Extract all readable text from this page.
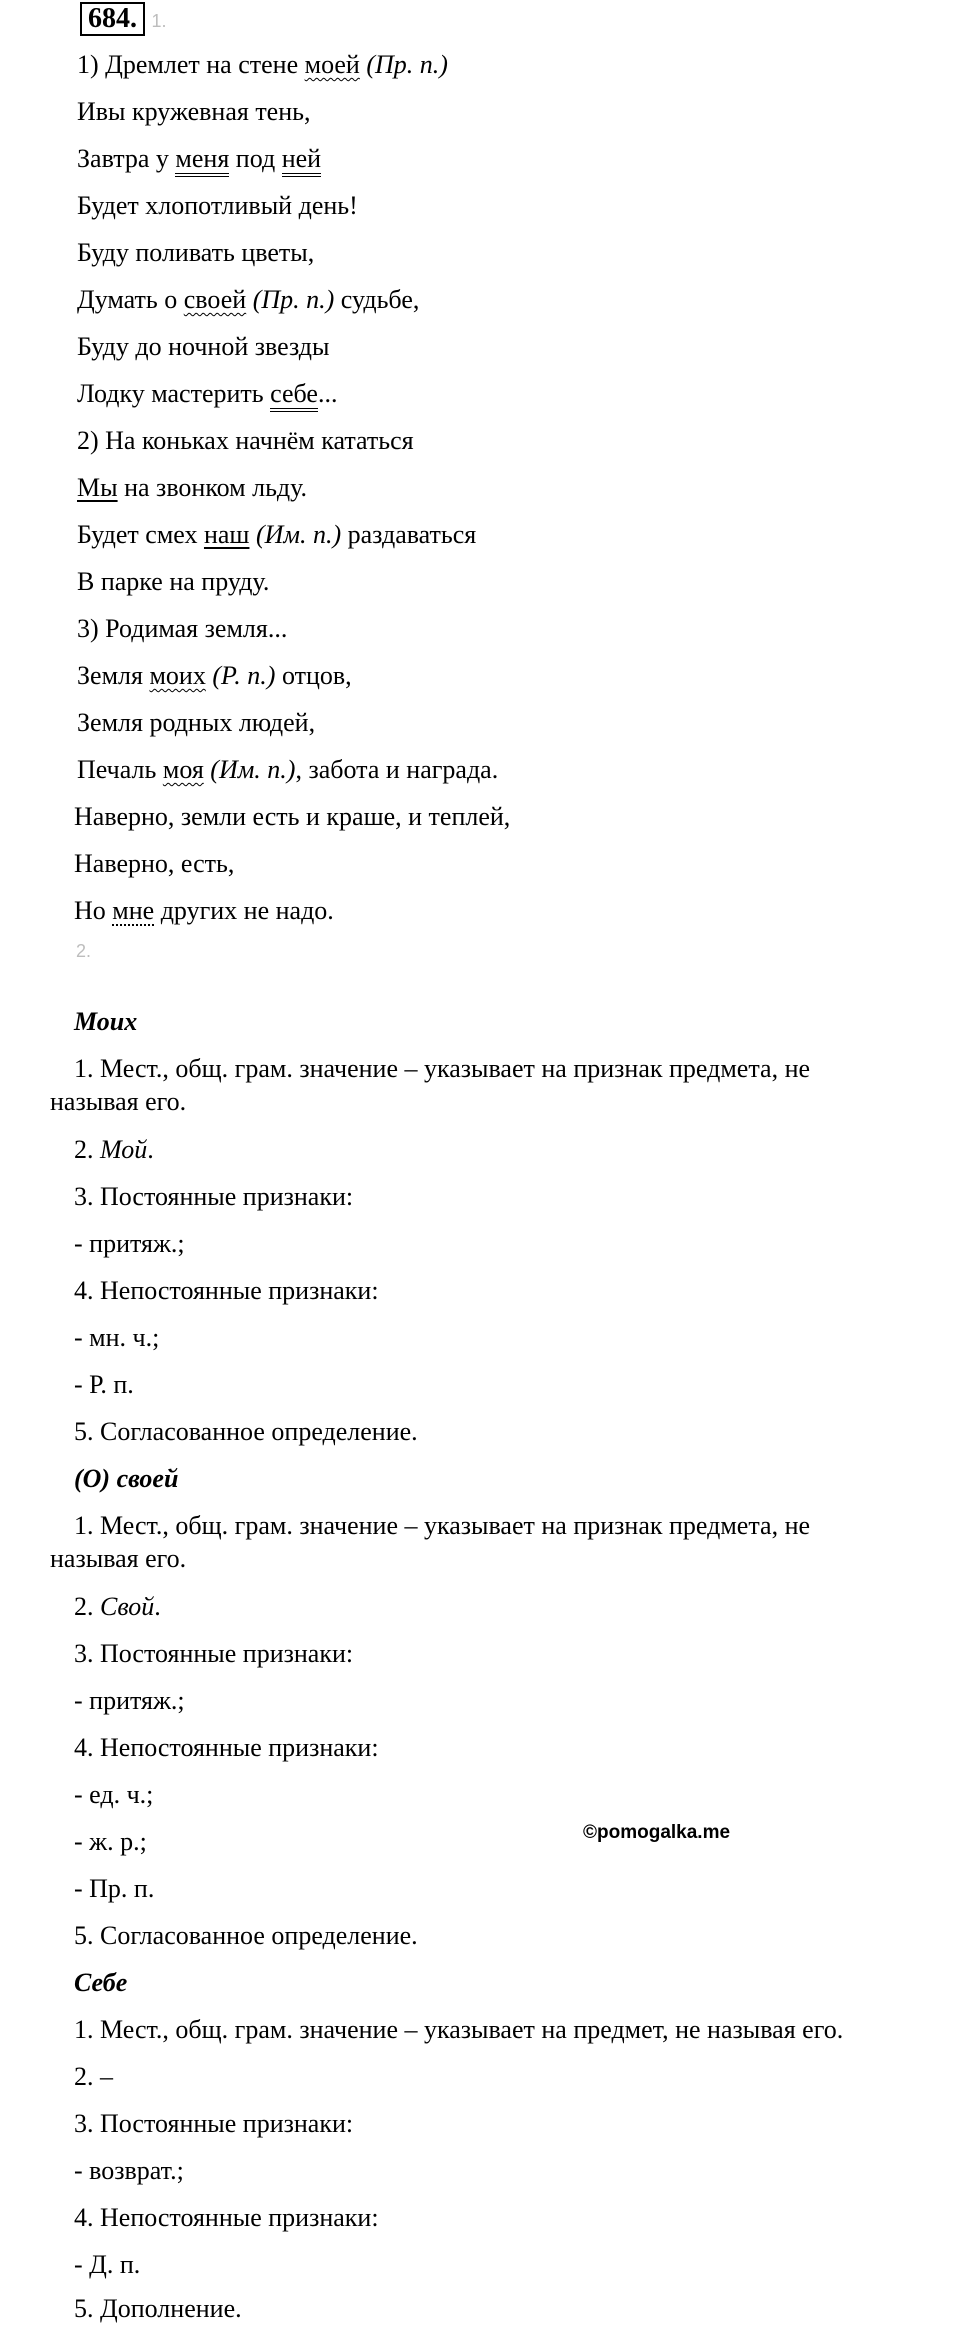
684. 1.
1) Дремлет на стене моей (Пр. п.)
Ивы кружевная тень,
Завтра у меня под ней
Будет хлопотливый день!
Буду поливать цветы,
Думать о своей (Пр. п.) судьбе,
Буду до ночной звезды
Лодку мастерить себе...
2) На коньках начнём кататься
Мы на звонком льду.
Будет смех наш (Им. п.) раздаваться
В парке на пруду.
3) Родимая земля...
Земля моих (Р. п.) отцов,
Земля родных людей,
Печаль моя (Им. п.), забота и награда.
Наверно, земли есть и краше, и теплей,
Наверно, есть,
Но мне других не надо.
2.
Моих
1. Мест., общ. грам. значение – указывает на признак предмета, не
называя его.
2. Мой.
3. Постоянные признаки:
- притяж.;
4. Непостоянные признаки:
- мн. ч.;
- Р. п.
5. Согласованное определение.
(О) своей
1. Мест., общ. грам. значение – указывает на признак предмета, не
называя его.
2. Свой.
3. Постоянные признаки:
- притяж.;
4. Непостоянные признаки:
- ед. ч.;
- ж. р.;
- Пр. п.
5. Согласованное определение.
©pomogalka.me
Себе
1. Мест., общ. грам. значение – указывает на предмет, не называя его.
2. –
3. Постоянные признаки:
- возврат.;
4. Непостоянные признаки:
- Д. п.
5. Дополнение.
